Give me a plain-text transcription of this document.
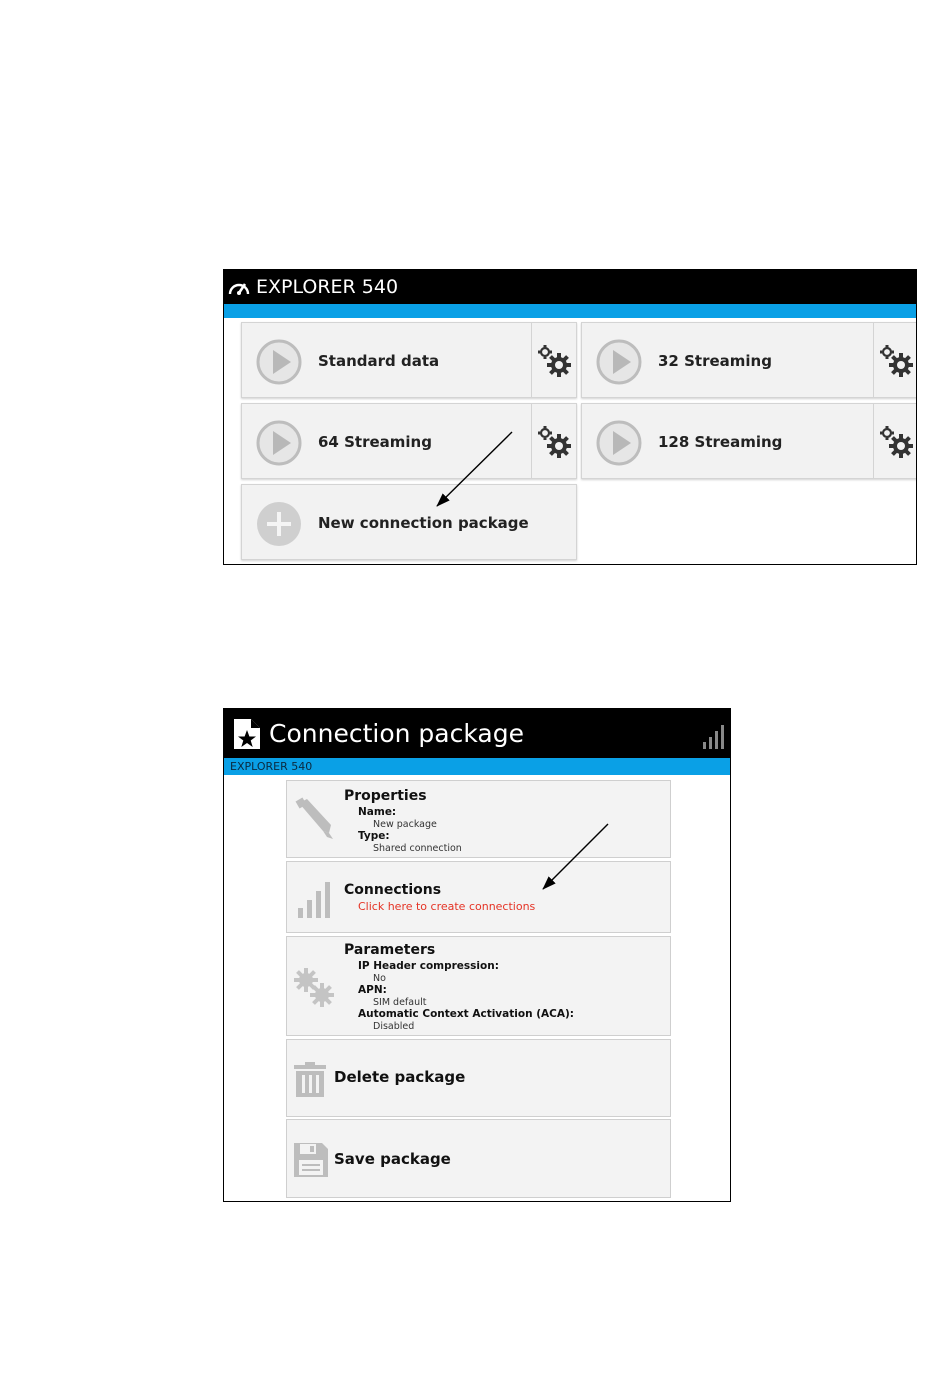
EXPLORER 540
Standard data	32 Streaming
64 Streaming	128 Streaming
New connection package
Connection package
EXPLORER 540
Properties
Name:
New package
Type:
Shared connection
Connections
Click here to create connections
Parameters
IP Header compression:
No
APN:
SIM default
Automatic Context Activation (ACA):
Disabled
Delete package
Save package
